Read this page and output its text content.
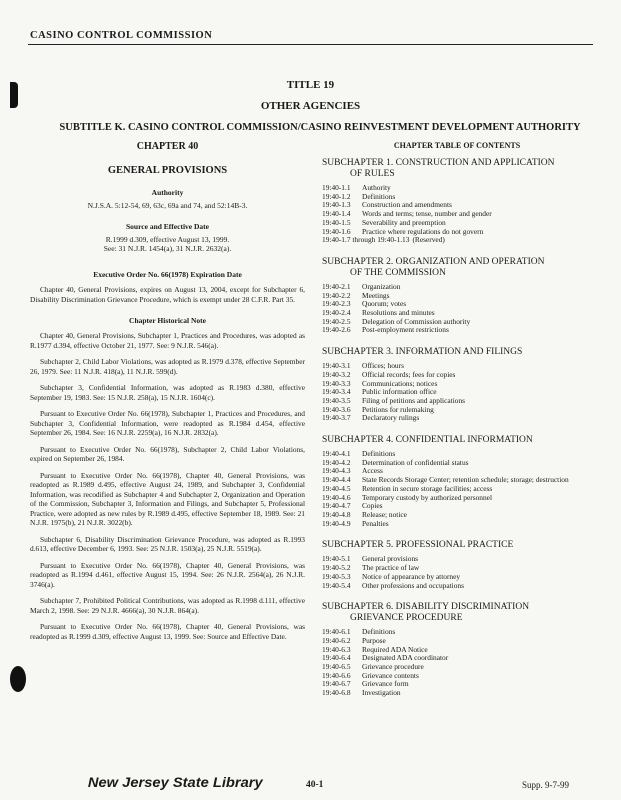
CASINO CONTROL COMMISSION
TITLE 19
OTHER AGENCIES
SUBTITLE K. CASINO CONTROL COMMISSION/CASINO REINVESTMENT DEVELOPMENT AUTHORITY

CHAPTER 40

GENERAL PROVISIONS
Authority
N.J.S.A. 5:12-54, 69, 63c, 69a and 74, and 52:14B-3.
Source and Effective Date
R.1999 d.309, effective August 13, 1999.
See: 31 N.J.R. 1454(a), 31 N.J.R. 2632(a).
Executive Order No. 66(1978) Expiration Date

Chapter 40, General Provisions, expires on August 13, 2004, except for Subchapter 6, Disability Discrimination Grievance Procedure, which is exempt under 28 C.F.R. Part 35.

Chapter Historical Note

Chapter 40, General Provisions, Subchapter 1, Practices and Procedures, was adopted as R.1977 d.394, effective October 21, 1977. See: 9 N.J.R. 546(a).

Subchapter 2, Child Labor Violations, was adopted as R.1979 d.378, effective September 26, 1979. See: 11 N.J.R. 418(a), 11 N.J.R. 599(d).

Subchapter 3, Confidential Information, was adopted as R.1983 d.380, effective September 19, 1983. See: 15 N.J.R. 258(a), 15 N.J.R. 1604(c).

Pursuant to Executive Order No. 66(1978), Subchapter 1, Practices and Procedures, and Subchapter 3, Confidential Information, were readopted as R.1984 d.454, effective September 26, 1984. See: 16 N.J.R. 2259(a), 16 N.J.R. 2832(a).

Pursuant to Executive Order No. 66(1978), Subchapter 2, Child Labor Violations, expired on September 26, 1984.

Pursuant to Executive Order No. 66(1978), Chapter 40, General Provisions, was readopted as R.1989 d.495, effective August 24, 1989, and Subchapter 3, Confidential Information, was recodified as Subchapter 4 and Subchapter 2, Organization and Operation of the Commission, Subchapter 3, Information and Filings, and Subchapter 5, Professional Practice, were adopted as new rules by R.1989 d.495, effective September 18, 1989. See: 21 N.J.R. 1975(b), 21 N.J.R. 3022(b).

Subchapter 6, Disability Discrimination Grievance Procedure, was adopted as R.1993 d.613, effective December 6, 1993. See: 25 N.J.R. 1503(a), 25 N.J.R. 5519(a).

Pursuant to Executive Order No. 66(1978), Chapter 40, General Provisions, was readopted as R.1994 d.461, effective August 15, 1994. See: 26 N.J.R. 2564(a), 26 N.J.R. 3746(a).

Subchapter 7, Prohibited Political Contributions, was adopted as R.1998 d.111, effective March 2, 1998. See: 29 N.J.R. 4666(a), 30 N.J.R. 864(a).

Pursuant to Executive Order No. 66(1978), Chapter 40, General Provisions, was readopted as R.1999 d.309, effective August 13, 1999. See: Source and Effective Date.

CHAPTER TABLE OF CONTENTS

SUBCHAPTER 1. CONSTRUCTION AND APPLICATION
OF RULES
19:40-1.1	Authority
19:40-1.2	Definitions
19:40-1.3	Construction and amendments
19:40-1.4	Words and terms; tense, number and gender
19:40-1.5	Severability and preemption
19:40-1.6	Practice where regulations do not govern
19:40-1.7 through 19:40-1.13 (Reserved)
SUBCHAPTER 2. ORGANIZATION AND OPERATION
OF THE COMMISSION
19:40-2.1	Organization
19:40-2.2	Meetings
19:40-2.3	Quorum; votes
19:40-2.4	Resolutions and minutes
19:40-2.5	Delegation of Commission authority
19:40-2.6	Post-employment restrictions
SUBCHAPTER 3. INFORMATION AND FILINGS
19:40-3.1	Offices; hours
19:40-3.2	Official records; fees for copies
19:40-3.3	Communications; notices
19:40-3.4	Public information office
19:40-3.5	Filing of petitions and applications
19:40-3.6	Petitions for rulemaking
19:40-3.7	Declaratory rulings
SUBCHAPTER 4. CONFIDENTIAL INFORMATION
19:40-4.1	Definitions
19:40-4.2	Determination of confidential status
19:40-4.3	Access
19:40-4.4	State Records Storage Center; retention schedule; storage; destruction
19:40-4.5	Retention in secure storage facilities; access
19:40-4.6	Temporary custody by authorized personnel
19:40-4.7	Copies
19:40-4.8	Release; notice
19:40-4.9	Penalties
SUBCHAPTER 5. PROFESSIONAL PRACTICE
19:40-5.1	General provisions
19:40-5.2	The practice of law
19:40-5.3	Notice of appearance by attorney
19:40-5.4	Other professions and occupations
SUBCHAPTER 6. DISABILITY DISCRIMINATION
GRIEVANCE PROCEDURE
19:40-6.1	Definitions
19:40-6.2	Purpose
19:40-6.3	Required ADA Notice
19:40-6.4	Designated ADA coordinator
19:40-6.5	Grievance procedure
19:40-6.6	Grievance contents
19:40-6.7	Grievance form
19:40-6.8	Investigation
New Jersey State Library	40-1	Supp. 9-7-99
